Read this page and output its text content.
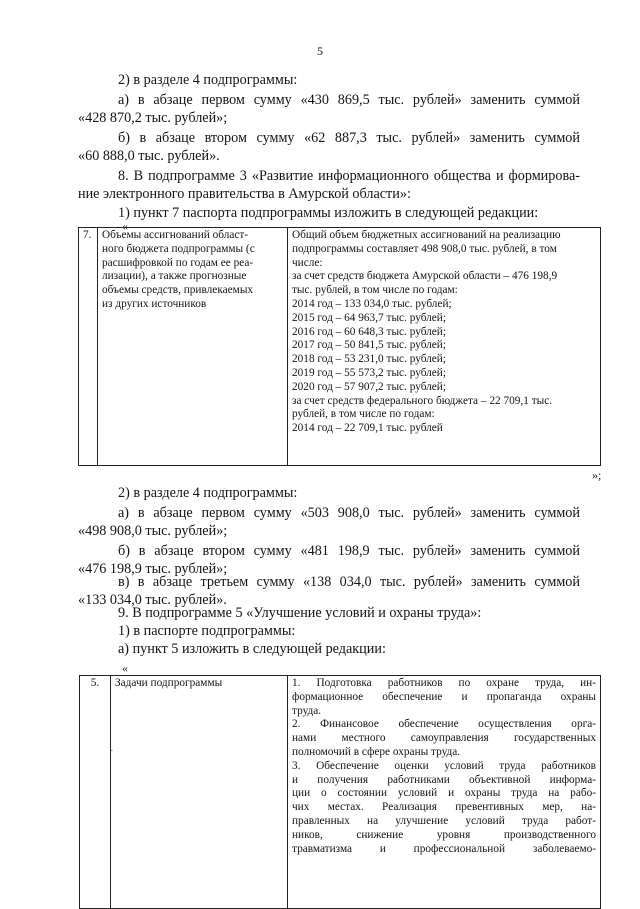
5
2) в разделе 4 подпрограммы:
а) в абзаце первом сумму «430 869,5 тыс. рублей» заменить суммой
«428 870,2 тыс. рублей»;
б) в абзаце втором сумму «62 887,3 тыс. рублей» заменить суммой
«60 888,0 тыс. рублей».
8. В подпрограмме 3 «Развитие информационного общества и формирова-
ние электронного правительства в Амурской области»:
1) пункт 7 паспорта подпрограммы изложить в следующей редакции:
«
7.	Объемы ассигнований област-
ного бюджета подпрограммы (с
расшифровкой по годам ее реа-
лизации), а также прогнозные
объемы средств, привлекаемых
из других источников

Общий объем бюджетных ассигнований на реализацию
подпрограммы составляет 498 908,0 тыс. рублей, в том
числе:
за счет средств бюджета Амурской области – 476 198,9
тыс. рублей, в том числе по годам:
2014 год – 133 034,0 тыс. рублей;
2015 год – 64 963,7 тыс. рублей;
2016 год – 60 648,3 тыс. рублей;
2017 год – 50 841,5 тыс. рублей;
2018 год – 53 231,0 тыс. рублей;
2019 год – 55 573,2 тыс. рублей;
2020 год – 57 907,2 тыс. рублей;
за счет средств федерального бюджета – 22 709,1 тыс.
рублей, в том числе по годам:
2014 год – 22 709,1 тыс. рублей
»;
2) в разделе 4 подпрограммы:
а) в абзаце первом сумму «503 908,0 тыс. рублей» заменить суммой
«498 908,0 тыс. рублей»;
б) в абзаце втором сумму «481 198,9 тыс. рублей» заменить суммой
«476 198,9 тыс. рублей»;
в) в абзаце третьем сумму «138 034,0 тыс. рублей» заменить суммой
«133 034,0 тыс. рублей».
9. В подпрограмме 5 «Улучшение условий и охраны труда»:
1) в паспорте подпрограммы:
а) пункт 5 изложить в следующей редакции:
«
5.	Задачи подпрограммы	1. Подготовка работников по охране труда, ин-
формационное обеспечение и пропаганда охраны
труда.
2. Финансовое обеспечение осуществления орга-
нами местного самоуправления государственных
полномочий в сфере охраны труда.
3. Обеспечение оценки условий труда работников
и получения работниками объективной информа-
ции о состоянии условий и охраны труда на рабо-
чих местах. Реализация превентивных мер, на-
правленных на улучшение условий труда работ-
ников, снижение уровня производственного
травматизма и профессиональной заболеваемо-
·
